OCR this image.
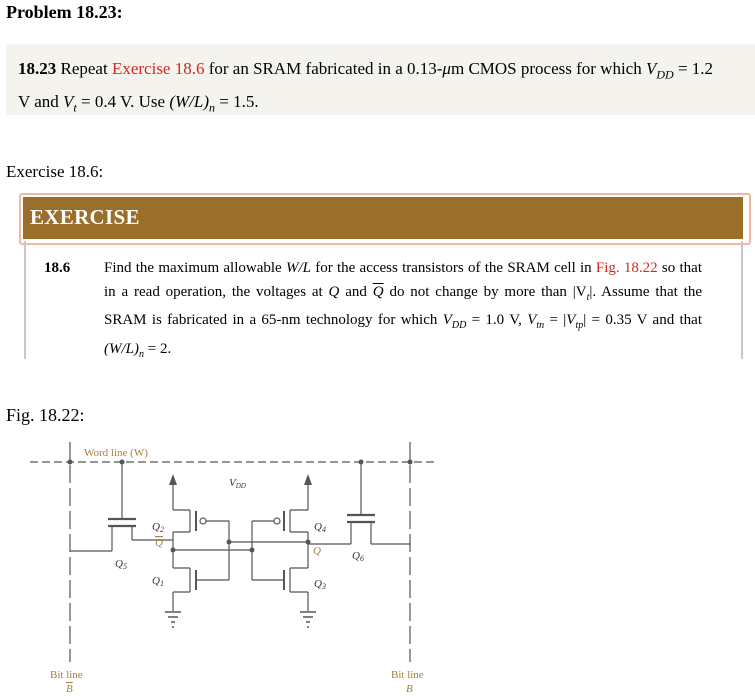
Problem 18.23:
18.23 Repeat Exercise 18.6 for an SRAM fabricated in a 0.13-μm CMOS process for which $V_{DD} = 1.2$
V and $V_t = 0.4$ V. Use $(W/L)_n = 1.5$.
Exercise 18.6:
EXERCISE
18.6 Find the maximum allowable W/L for the access transistors of the SRAM cell in Fig. 18.22 so that in a read operation, the voltages at Q and $\overline{Q}$ do not change by more than $|V_t|$. Assume that the SRAM is fabricated in a 65-nm technology for which $V_{DD} = 1.0$ V, $V_{tn} = |V_{tp}| = 0.35$ V and that $(W/L)_n = 2$.
Fig. 18.22:
Word line (W)
VDD
Q2
Q
Q4
Q	Q6
Q5
Q1	Q3
Bit line
B
Bit line
B
